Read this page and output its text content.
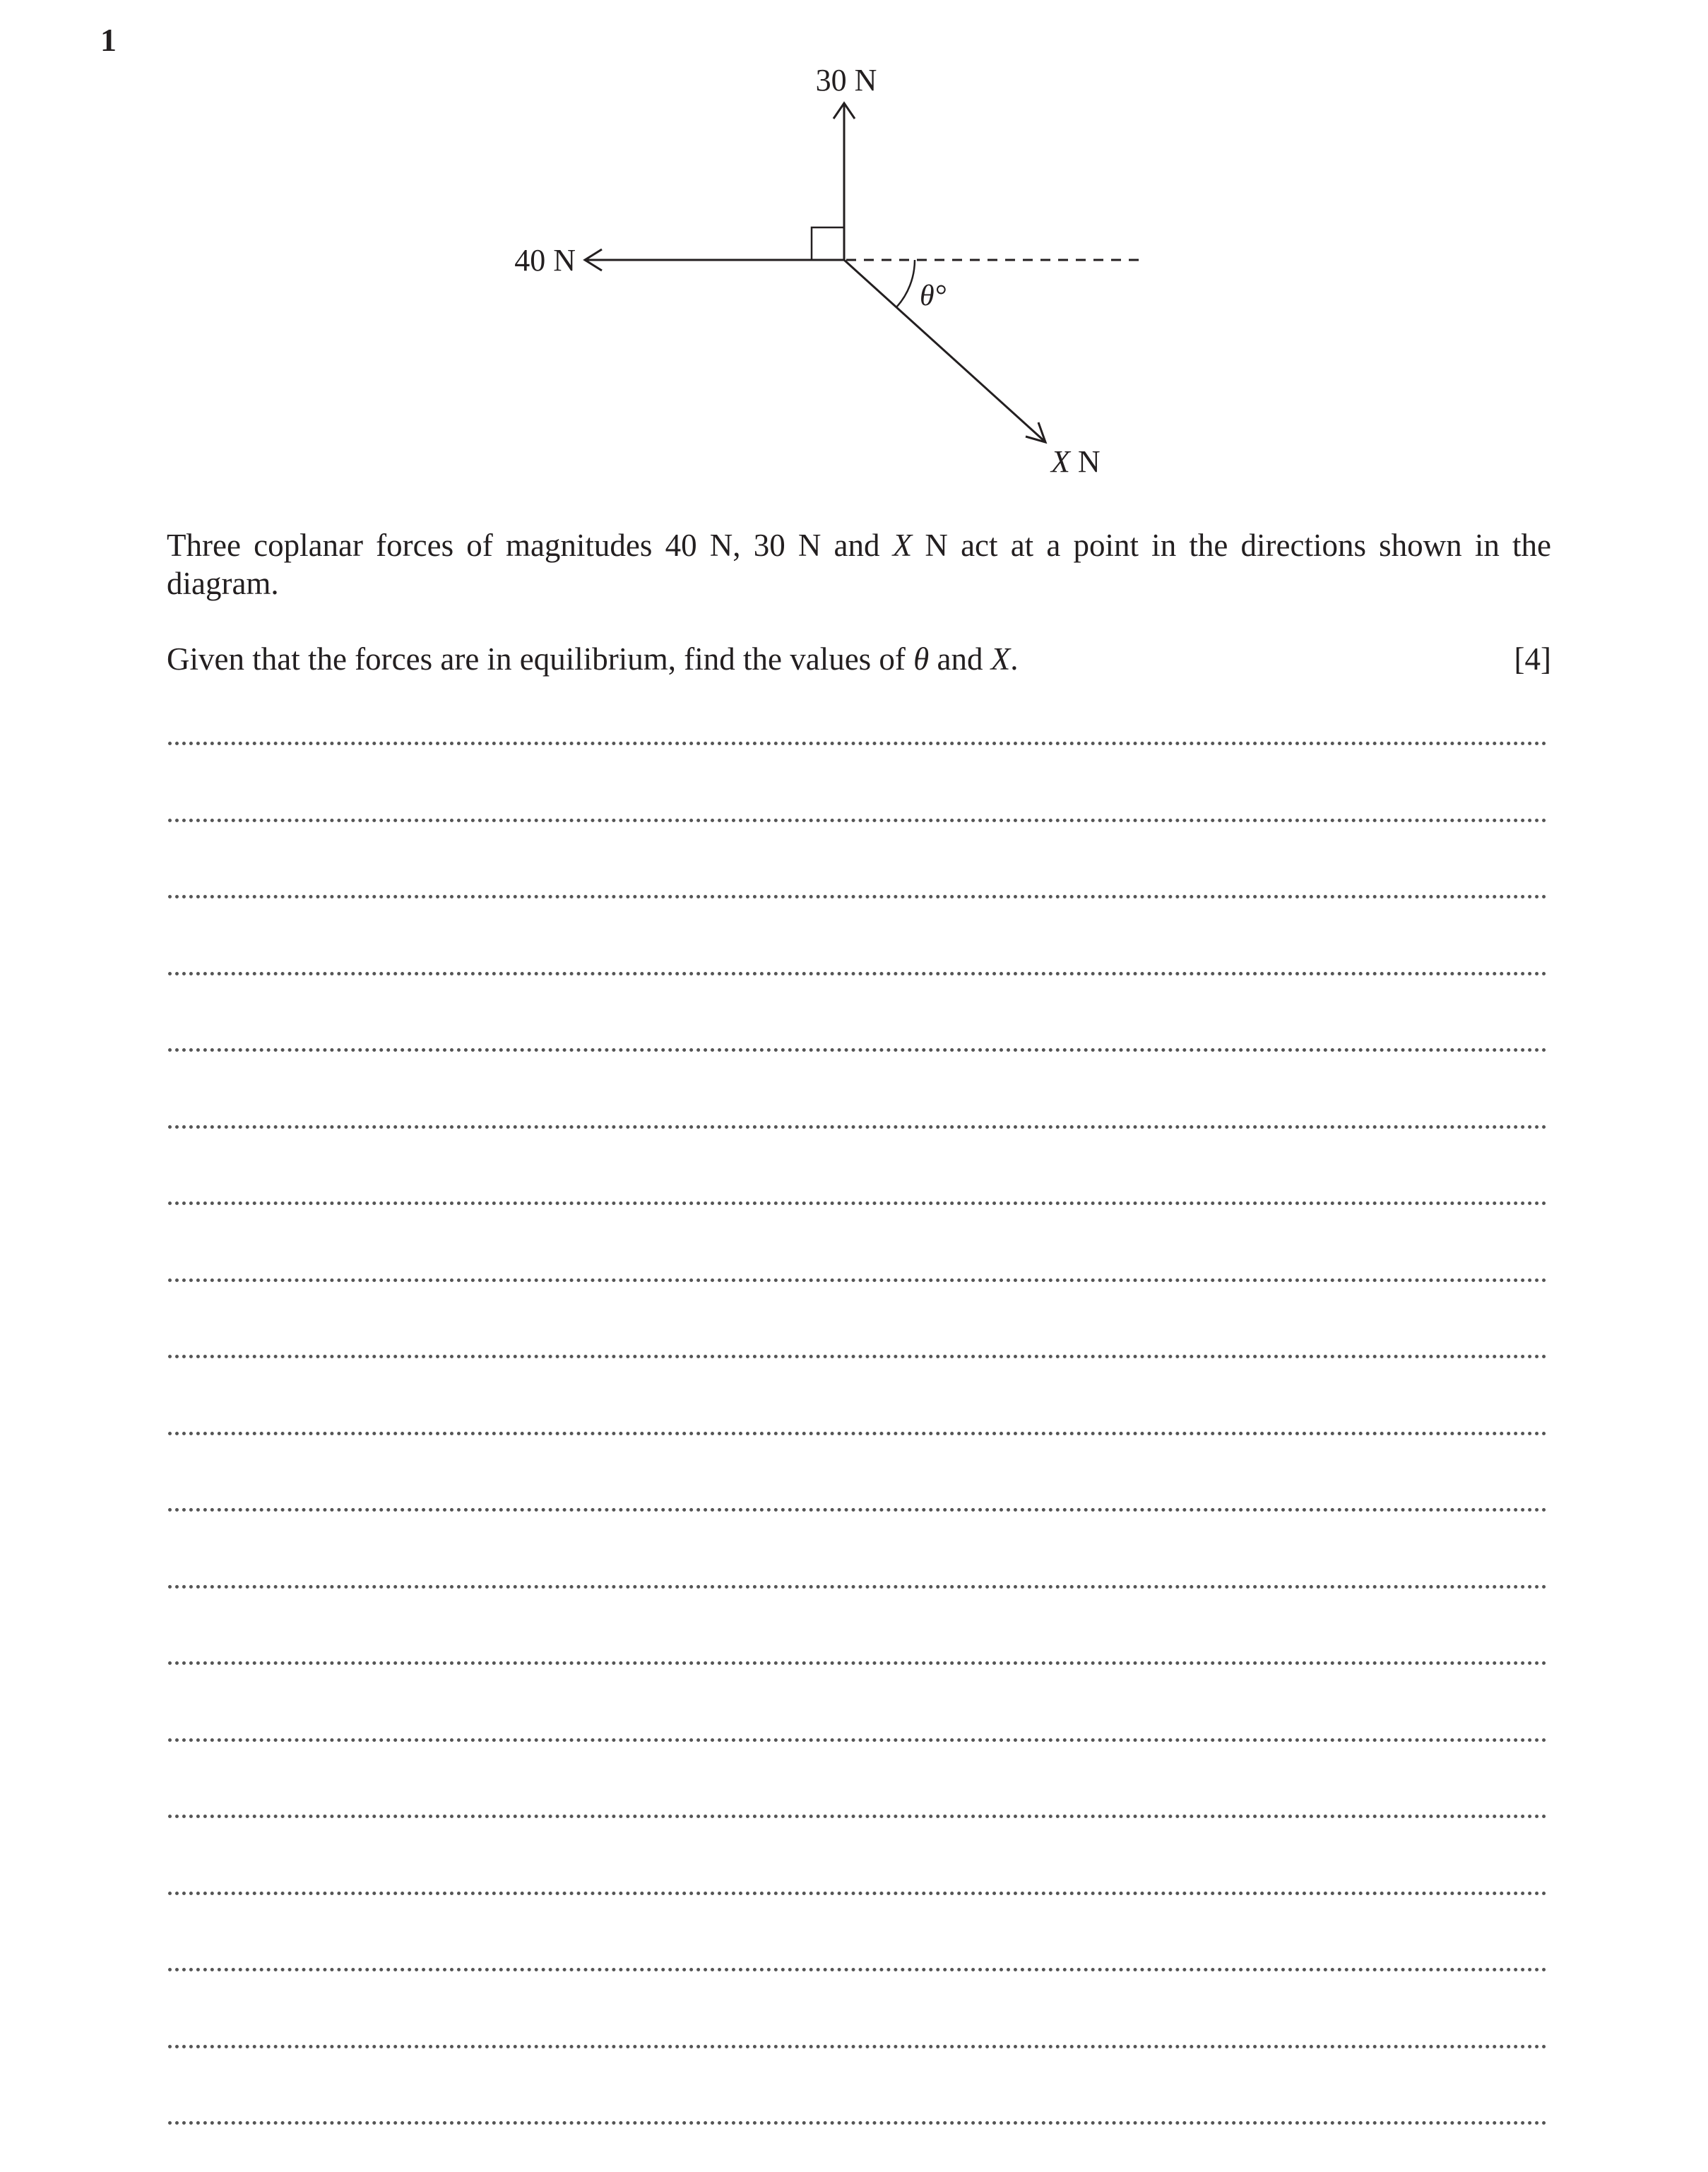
1
30 N
40 N
θ°
X N

Three coplanar forces of magnitudes 40 N, 30 N and X N act at a point in the directions shown in the diagram.

Given that the forces are in equilibrium, find the values of θ and X.	[4]
